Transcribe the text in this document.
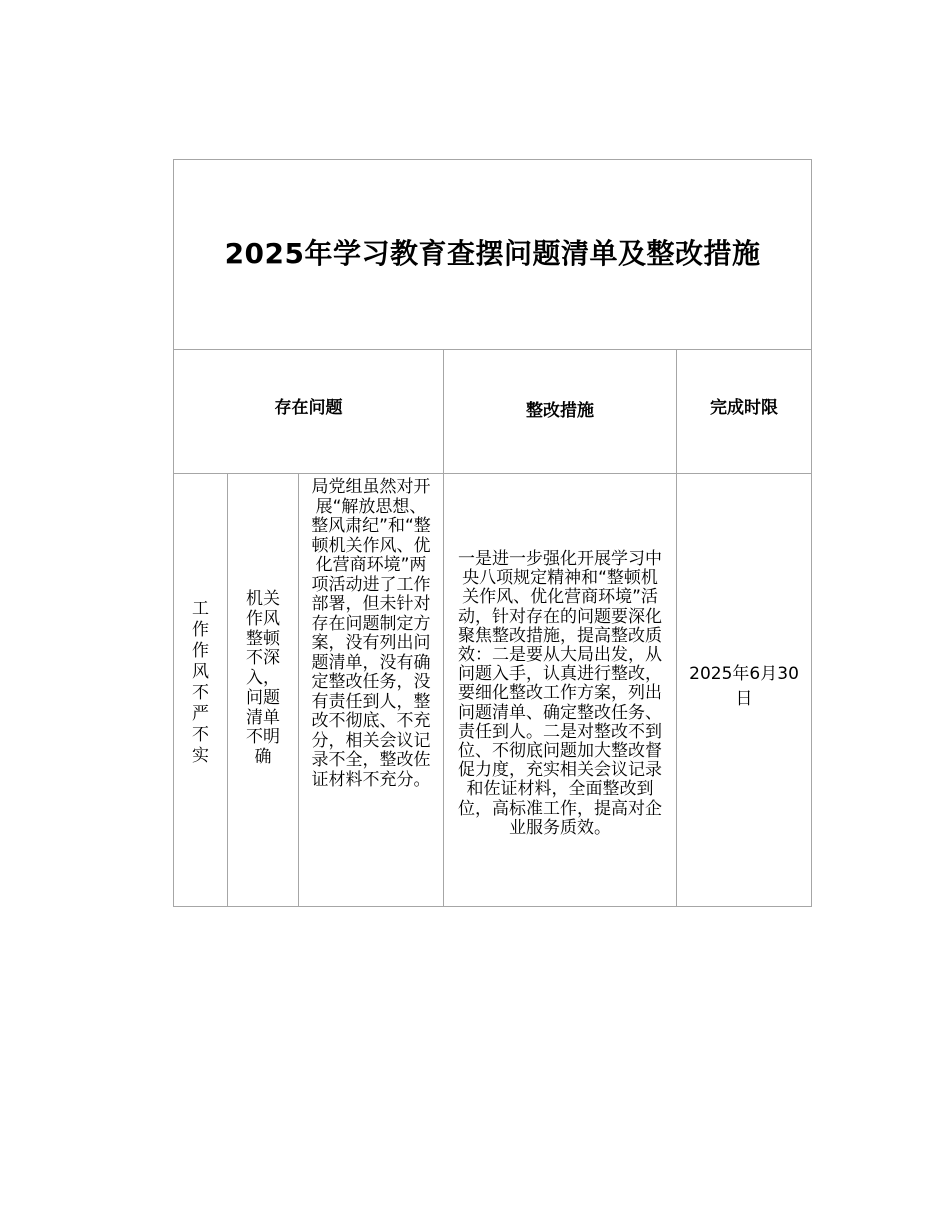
2025年学习教育查摆问题清单及整改措施				
存在问题			整改措施	完成时限

工作作风不严不实	机关作风整顿不深入，问题清单不明确	局党组虽然对开展“解放思想、整风肃纪”和“整顿机关作风、优化营商环境”两项活动进了工作部署，但未针对存在问题制定方案，没有列出问题清单，没有确定整改任务，没有责任到人，整改不彻底、不充分，相关会议记录不全，整改佐证材料不充分。	一是进一步强化开展学习中央八项规定精神和“整顿机关作风、优化营商环境”活动，针对存在的问题要深化聚焦整改措施，提高整改质效：二是要从大局出发，从问题入手，认真进行整改，要细化整改工作方案，列出问题清单、确定整改任务、责任到人。二是对整改不到位、不彻底问题加大整改督促力度，充实相关会议记录和佐证材料，全面整改到位，高标准工作，提高对企业服务质效。	2025年6月30日
